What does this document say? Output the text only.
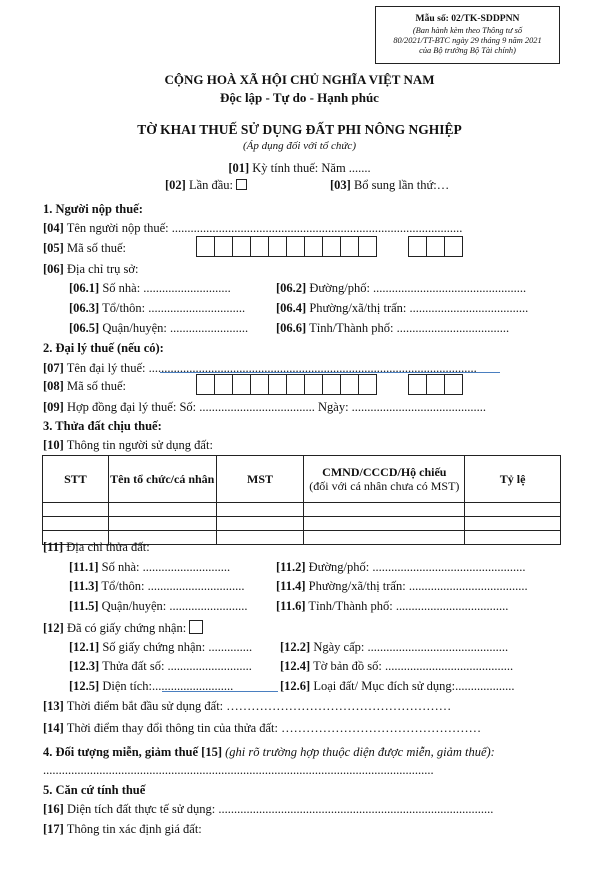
Mẫu số: 02/TK-SDDPNN
(Ban hành kèm theo Thông tư số
80/2021/TT-BTC ngày 29 tháng 9 năm 2021
của Bộ trưởng Bộ Tài chính)
CỘNG HOÀ XÃ HỘI CHỦ NGHĨA VIỆT NAM
Độc lập - Tự do - Hạnh phúc
TỜ KHAI THUẾ SỬ DỤNG ĐẤT PHI NÔNG NGHIỆP
(Áp dụng đối với tổ chức)
[01] Kỳ tính thuế: Năm .......
[02] Lần đầu:	[03] Bổ sung lần thứ:…
1. Người nộp thuế:
[04] Tên người nộp thuế: .............................................................................................
[05] Mã số thuế:
[06] Địa chỉ trụ sở:
[06.1] Số nhà: ............................	[06.2] Đường/phố: .................................................
[06.3] Tổ/thôn: ............................... [06.4] Phường/xã/thị trấn: ......................................
[06.5] Quận/huyện: ......................... [06.6] Tỉnh/Thành phố: ....................................
2. Đại lý thuế (nếu có):
[07] Tên đại lý thuế: .........................................................................................................
[08] Mã số thuế:
[09] Hợp đồng đại lý thuế: Số: ..................................... Ngày: ...........................................
3. Thửa đất chịu thuế:
[10] Thông tin người sử dụng đất:
STT	Tên tổ chức/cá nhân	MST	CMND/CCCD/Hộ chiếu
(đối với cá nhân chưa có MST)	Tỷ lệ

[11] Địa chỉ thửa đất:
[11.1] Số nhà: ............................	[11.2] Đường/phố: .................................................
[11.3] Tổ/thôn: ...............................	[11.4] Phường/xã/thị trấn: ......................................
[11.5] Quận/huyện: ......................... [11.6] Tỉnh/Thành phố: ....................................
[12] Đã có giấy chứng nhận:
[12.1] Số giấy chứng nhận: .............. [12.2] Ngày cấp: .............................................
[12.3] Thửa đất số: ........................... [12.4] Tờ bản đồ số: .........................................
[12.5] Diện tích:..........................	[12.6] Loại đất/ Mục đích sử dụng:...................
[13] Thời điểm bắt đầu sử dụng đất: ………………………………………………
[14] Thời điểm thay đổi thông tin của thửa đất: …………………………………………
4. Đối tượng miễn, giảm thuế [15] (ghi rõ trường hợp thuộc diện được miễn, giảm thuế):
.............................................................................................................................
5. Căn cứ tính thuế
[16] Diện tích đất thực tế sử dụng: ........................................................................................
[17] Thông tin xác định giá đất:
